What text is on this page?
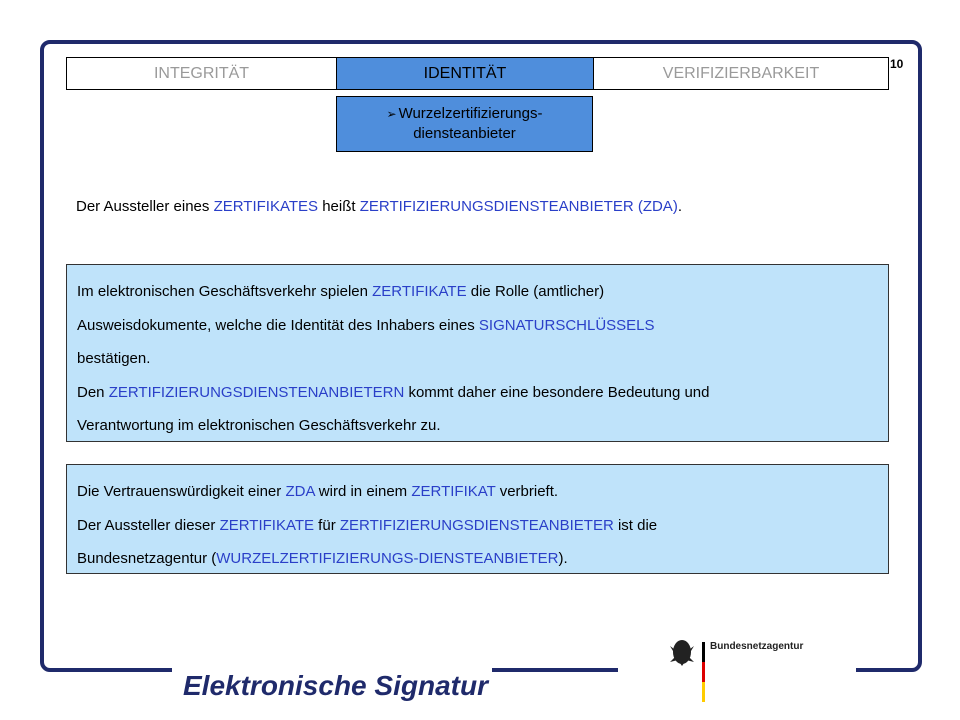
10
INTEGRITÄT	IDENTITÄT	VERIFIZIERBARKEIT
➢ Wurzelzertifizierungs-
diensteanbieter
Der Aussteller eines ZERTIFIKATES heißt ZERTIFIZIERUNGSDIENSTEANBIETER (ZDA).
Im elektronischen Geschäftsverkehr spielen ZERTIFIKATE die Rolle (amtlicher)
Ausweisdokumente, welche die Identität des Inhabers eines SIGNATURSCHLÜSSELS
bestätigen.
Den ZERTIFIZIERUNGSDIENSTENANBIETERN kommt daher eine besondere Bedeutung und
Verantwortung im elektronischen Geschäftsverkehr zu.
Die Vertrauenswürdigkeit einer ZDA wird in einem ZERTIFIKAT verbrieft.
Der Aussteller dieser ZERTIFIKATE für ZERTIFIZIERUNGSDIENSTEANBIETER ist die
Bundesnetzagentur (WURZELZERTIFIZIERUNGS-DIENSTEANBIETER).
Elektronische Signatur
Bundesnetzagentur
